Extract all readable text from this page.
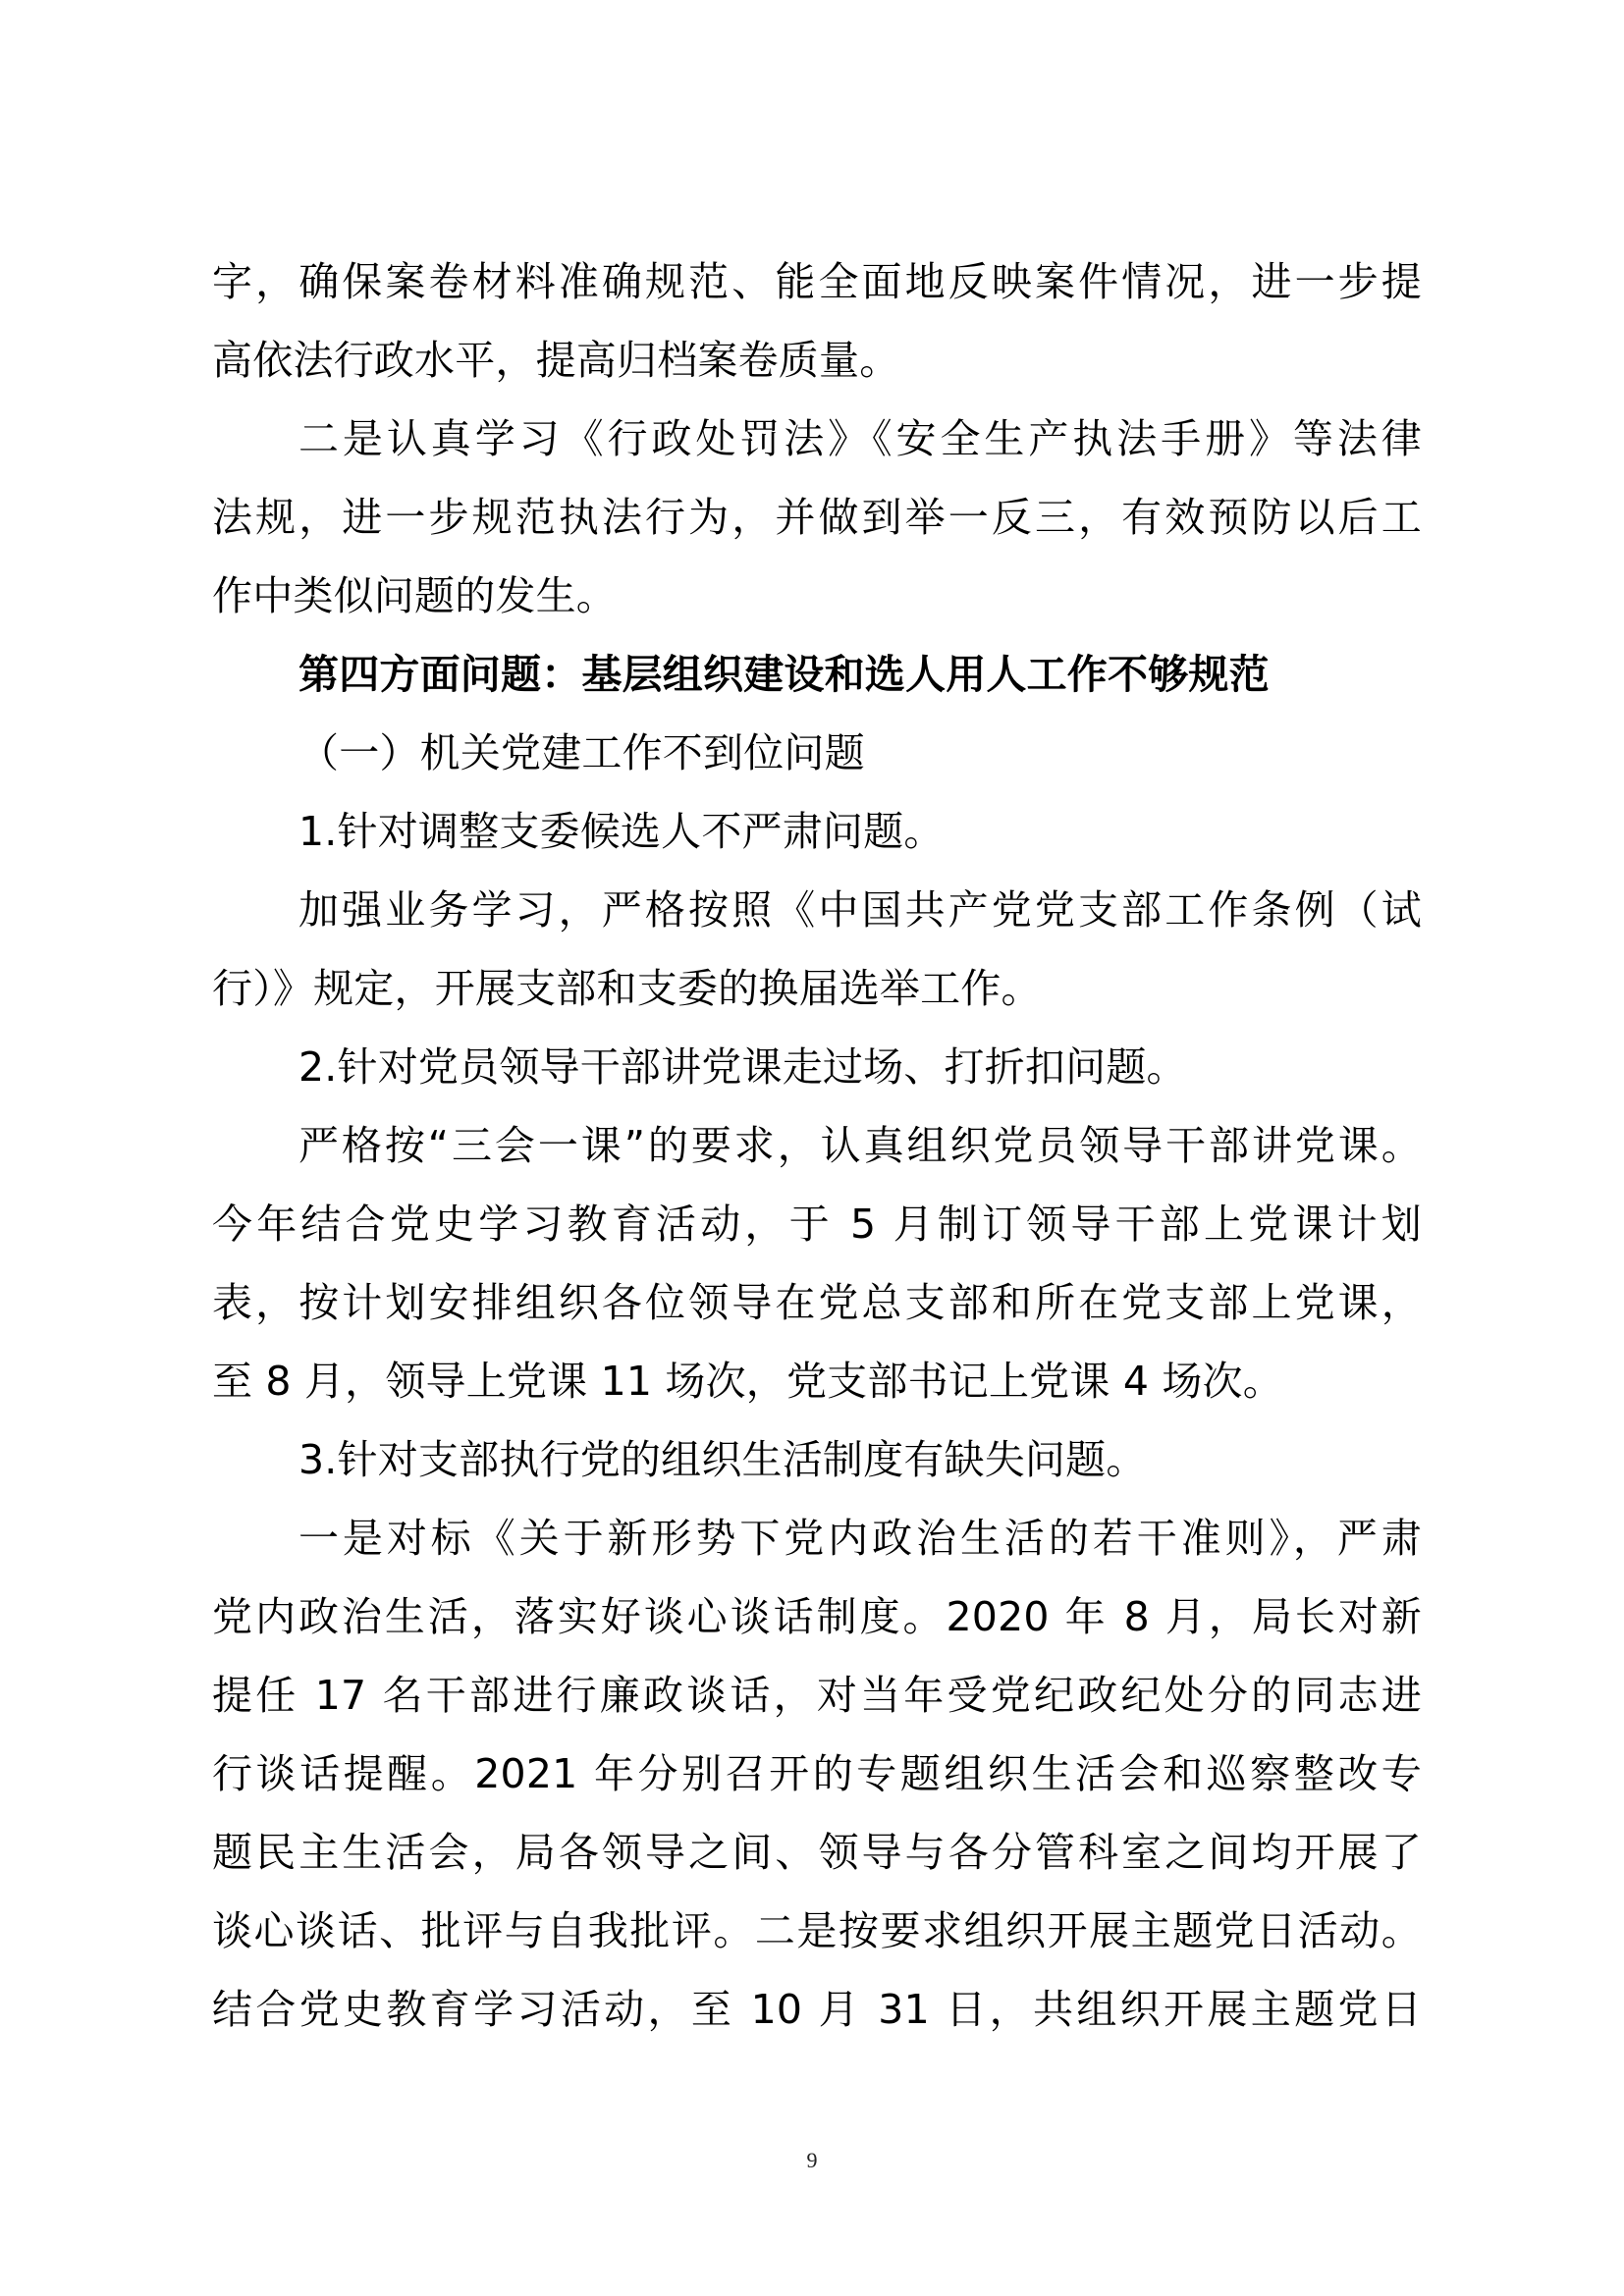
字，确保案卷材料准确规范、能全面地反映案件情况，进一步提
高依法行政水平，提高归档案卷质量。
二是认真学习《行政处罚法》《安全生产执法手册》等法律
法规，进一步规范执法行为，并做到举一反三，有效预防以后工
作中类似问题的发生。
第四方面问题：基层组织建设和选人用人工作不够规范
（一）机关党建工作不到位问题
1.针对调整支委候选人不严肃问题。
加强业务学习，严格按照《中国共产党党支部工作条例（试
行）》规定，开展支部和支委的换届选举工作。
2.针对党员领导干部讲党课走过场、打折扣问题。
严格按“三会一课”的要求，认真组织党员领导干部讲党课。
今年结合党史学习教育活动，于 5 月制订领导干部上党课计划
表，按计划安排组织各位领导在党总支部和所在党支部上党课，
至 8 月，领导上党课 11 场次，党支部书记上党课 4 场次。
3.针对支部执行党的组织生活制度有缺失问题。
一是对标《关于新形势下党内政治生活的若干准则》，严肃
党内政治生活，落实好谈心谈话制度。2020 年 8 月，局长对新
提任 17 名干部进行廉政谈话，对当年受党纪政纪处分的同志进
行谈话提醒。2021 年分别召开的专题组织生活会和巡察整改专
题民主生活会，局各领导之间、领导与各分管科室之间均开展了
谈心谈话、批评与自我批评。二是按要求组织开展主题党日活动。
结合党史教育学习活动，至 10 月 31 日，共组织开展主题党日
9
